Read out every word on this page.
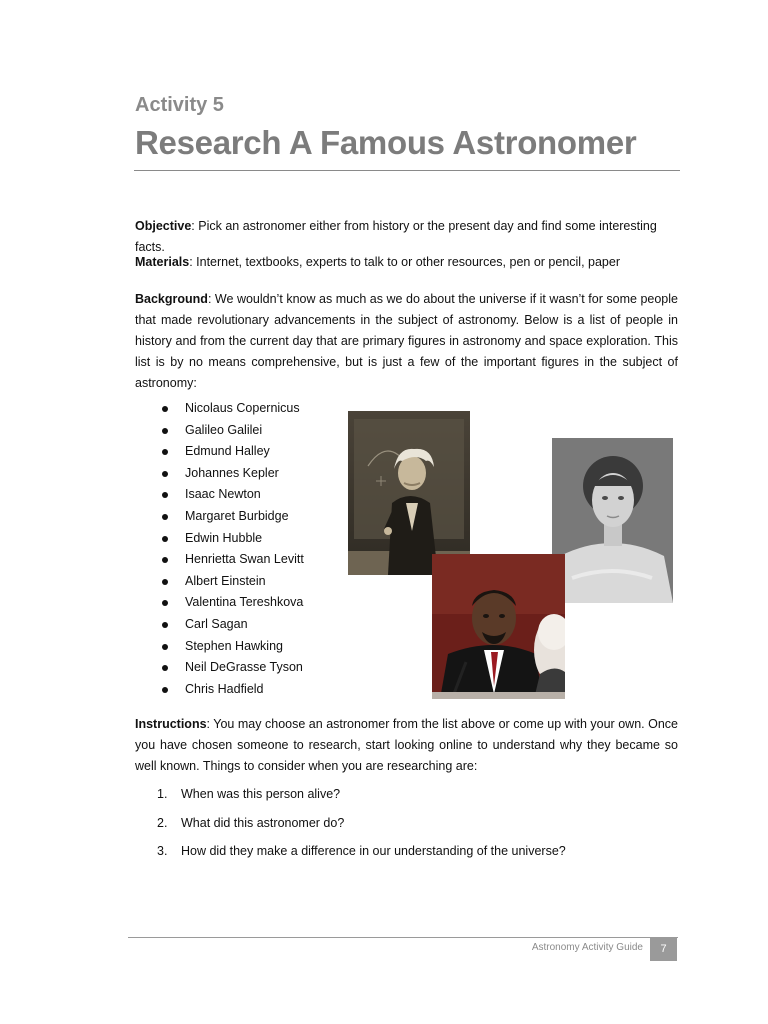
Activity 5
Research A Famous Astronomer
Objective: Pick an astronomer either from history or the present day and find some interesting facts.
Materials: Internet, textbooks, experts to talk to or other resources, pen or pencil, paper
Background: We wouldn’t know as much as we do about the universe if it wasn’t for some people that made revolutionary advancements in the subject of astronomy. Below is a list of people in history and from the current day that are primary figures in astronomy and space exploration. This list is by no means comprehensive, but is just a few of the important figures in the subject of astronomy:
Nicolaus Copernicus
Galileo Galilei
Edmund Halley
Johannes Kepler
Isaac Newton
Margaret Burbidge
Edwin Hubble
Henrietta Swan Levitt
Albert Einstein
Valentina Tereshkova
Carl Sagan
Stephen Hawking
Neil DeGrasse Tyson
Chris Hadfield
Instructions: You may choose an astronomer from the list above or come up with your own. Once you have chosen someone to research, start looking online to understand why they became so well known. Things to consider when you are researching are:
1. When was this person alive?
2. What did this astronomer do?
3. How did they make a difference in our understanding of the universe?
Astronomy Activity Guide	7
